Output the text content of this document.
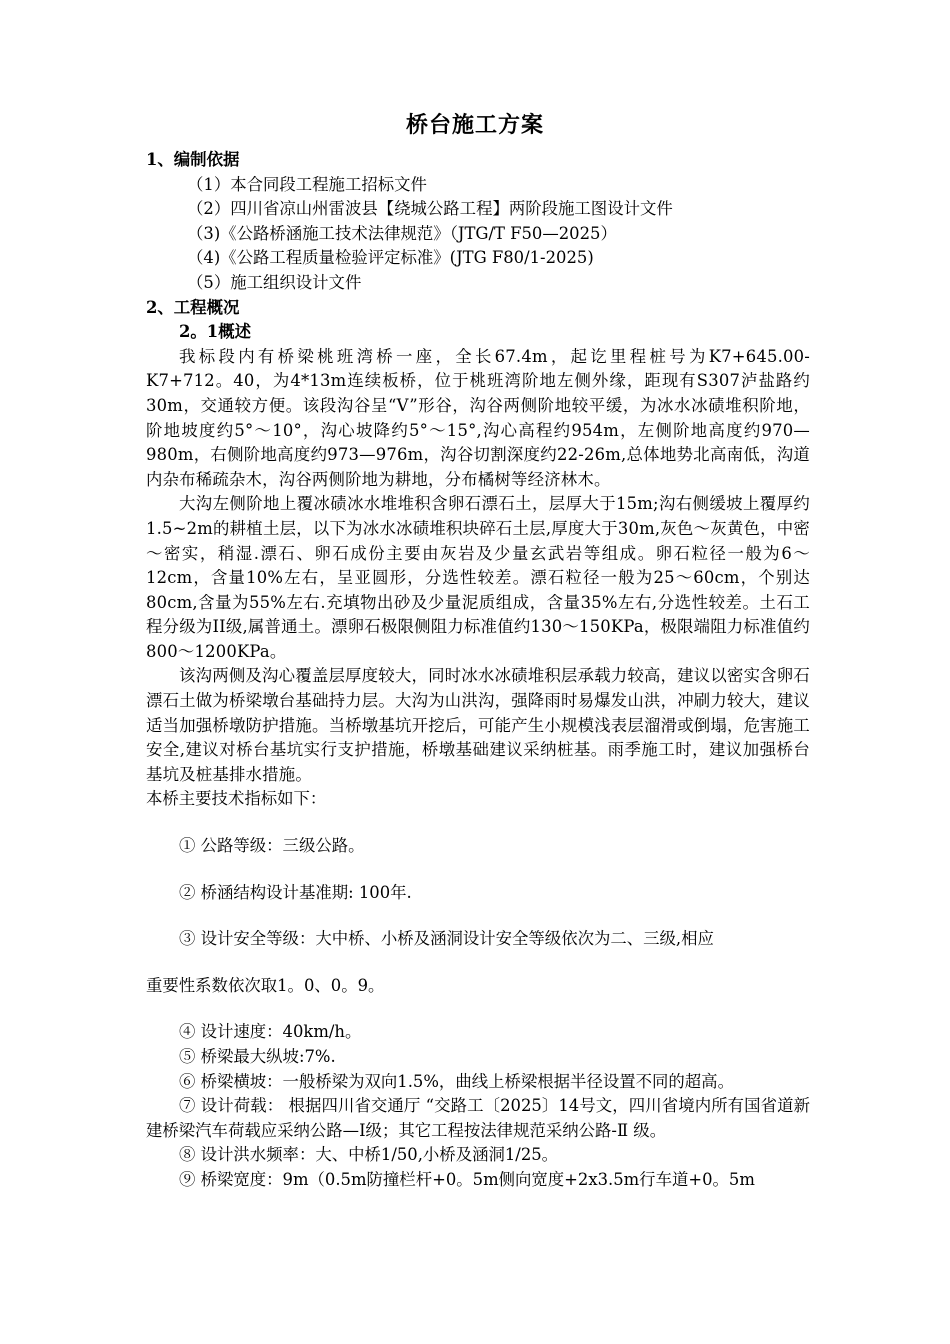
桥台施工方案
1、编制依据
（1）本合同段工程施工招标文件
（2）四川省凉山州雷波县【绕城公路工程】两阶段施工图设计文件
（3)《公路桥涵施工技术法律规范》（JTG/T F50—2025）
（4)《公路工程质量检验评定标准》(JTG F80/1-2025)
（5）施工组织设计文件
2、工程概况
2。1概述

我标段内有桥梁桃班湾桥一座，全长67.4m，起讫里程桩号为K7+645.00-K7+712。40，为4*13m连续板桥，位于桃班湾阶地左侧外缘，距现有S307泸盐路约30m，交通较方便。该段沟谷呈“V”形谷，沟谷两侧阶地较平缓，为冰水冰碛堆积阶地，阶地坡度约5°～10°，沟心坡降约5°～15°,沟心高程约954m，左侧阶地高度约970—980m，右侧阶地高度约973—976m，沟谷切割深度约22-26m,总体地势北高南低，沟道内杂布稀疏杂木，沟谷两侧阶地为耕地，分布橘树等经济林木。

大沟左侧阶地上覆冰碛冰水堆堆积含卵石漂石土，层厚大于15m;沟右侧缓坡上覆厚约1.5~2m的耕植土层，以下为冰水冰碛堆积块碎石土层,厚度大于30m,灰色～灰黄色，中密～密实，稍湿.漂石、卵石成份主要由灰岩及少量玄武岩等组成。卵石粒径一般为6～12cm，含量10%左右，呈亚圆形，分选性较差。漂石粒径一般为25～60cm，个别达80cm,含量为55%左右.充填物出砂及少量泥质组成，含量35%左右,分选性较差。土石工程分级为II级,属普通土。漂卵石极限侧阻力标准值约130～150KPa，极限端阻力标准值约800～1200KPa。

该沟两侧及沟心覆盖层厚度较大，同时冰水冰碛堆积层承载力较高，建议以密实含卵石漂石土做为桥梁墩台基础持力层。大沟为山洪沟，强降雨时易爆发山洪，冲刷力较大，建议适当加强桥墩防护措施。当桥墩基坑开挖后，可能产生小规模浅表层溜滑或倒塌，危害施工安全,建议对桥台基坑实行支护措施，桥墩基础建议采纳桩基。雨季施工时，建议加强桥台基坑及桩基排水措施。

本桥主要技术指标如下：

① 公路等级：三级公路。
② 桥涵结构设计基准期: 100年.
③ 设计安全等级：大中桥、小桥及涵洞设计安全等级依次为二、三级,相应
重要性系数依次取1。0、0。9。
④ 设计速度：40km/h。
⑤ 桥梁最大纵坡:7%.
⑥ 桥梁横坡：一般桥梁为双向1.5%，曲线上桥梁根据半径设置不同的超高。

⑦ 设计荷载： 根据四川省交通厅 “交路工〔2025〕14号文，四川省境内所有国省道新建桥梁汽车荷载应采纳公路—Ⅰ级；其它工程按法律规范采纳公路-Ⅱ 级。

⑧ 设计洪水频率：大、中桥1/50,小桥及涵洞1/25。
⑨ 桥梁宽度：9m（0.5m防撞栏杆+0。5m侧向宽度+2x3.5m行车道+0。5m
